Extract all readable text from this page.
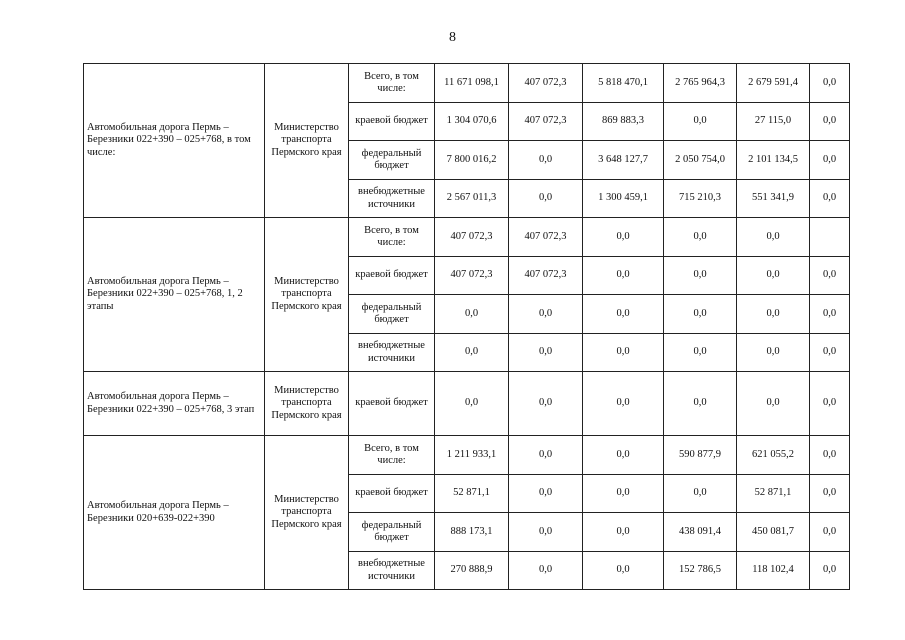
8
Автомобильная дорога Пермь – Березники 022+390 – 025+768, в том числе:	Министерство транспорта Пермского края	Всего, в том числе:	11 671 098,1	407 072,3	5 818 470,1	2 765 964,3	2 679 591,4	0,0
		краевой бюджет	1 304 070,6	407 072,3	869 883,3	0,0	27 115,0	0,0
		федеральный бюджет	7 800 016,2	0,0	3 648 127,7	2 050 754,0	2 101 134,5	0,0
		внебюджетные источники	2 567 011,3	0,0	1 300 459,1	715 210,3	551 341,9	0,0
Автомобильная дорога Пермь – Березники 022+390 – 025+768, 1, 2 этапы	Министерство транспорта Пермского края	Всего, в том числе:	407 072,3	407 072,3	0,0	0,0	0,0	
		краевой бюджет	407 072,3	407 072,3	0,0	0,0	0,0	0,0
		федеральный бюджет	0,0	0,0	0,0	0,0	0,0	0,0
		внебюджетные источники	0,0	0,0	0,0	0,0	0,0	0,0
Автомобильная дорога Пермь – Березники 022+390 – 025+768, 3 этап	Министерство транспорта Пермского края	краевой бюджет	0,0	0,0	0,0	0,0	0,0	0,0
Автомобильная дорога Пермь – Березники 020+639-022+390	Министерство транспорта Пермского края	Всего, в том числе:	1 211 933,1	0,0	0,0	590 877,9	621 055,2	0,0
		краевой бюджет	52 871,1	0,0	0,0	0,0	52 871,1	0,0
		федеральный бюджет	888 173,1	0,0	0,0	438 091,4	450 081,7	0,0
		внебюджетные источники	270 888,9	0,0	0,0	152 786,5	118 102,4	0,0
